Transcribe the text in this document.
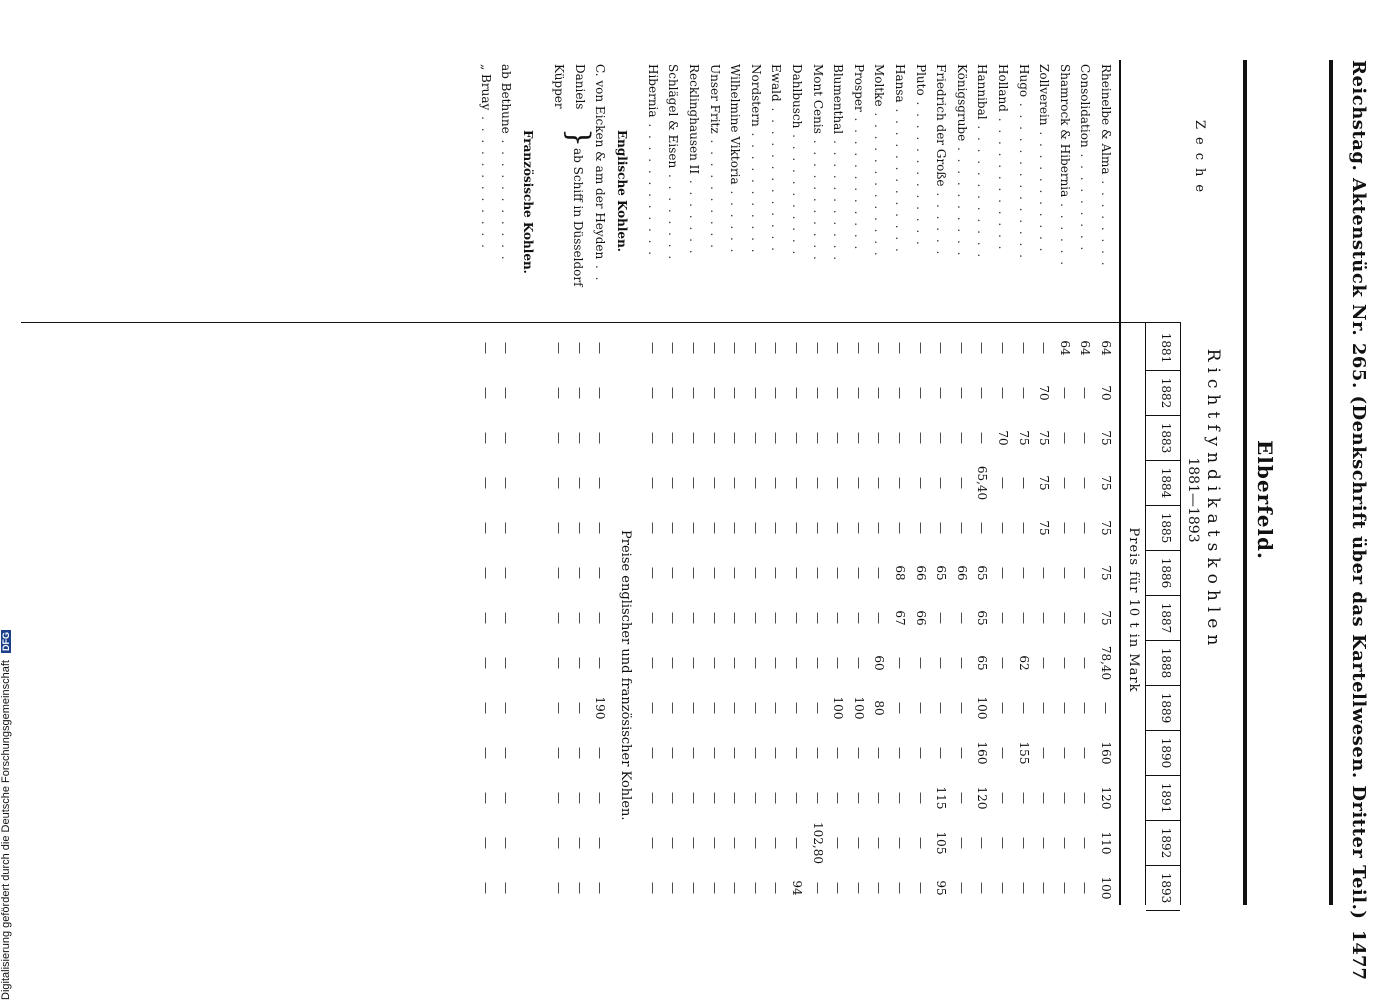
Reichstag. Aktenstück Nr. 265. (Denkschrift über das Kartellwesen. Dritter Teil.)
1477
Elberfeld.
Richtfyndikatskohlen
1881—1893
Zeche
1881
1882
1883
1884
1885
1886
1887
1888
1889
1890
1891
1892
1893
Preis für 10 t in Mark
Rheinelbe & Alma . . . . . . . .
64
70
75
75
75
75
75
78,40
—
160
120
110
100
Consolidation . . . . . . . . .
64
—
—
—
—
—
—
—
—
—
—
—
—
Shamrock & Hibernia . . . . . .
64
—
—
—
—
—
—
—
—
—
—
—
—
Zollverein . . . . . . . . . . .
—
70
75
75
75
—
—
—
—
—
—
—
—
Hugo . . . . . . . . . . . . . .
—
—
75
—
—
—
—
62
—
155
—
—
—
Holland . . . . . . . . . . . .
—
—
70
—
—
—
—
—
—
—
—
—
—
Hannibal . . . . . . . . . . . .
—
—
—
65,40
—
65
65
65
100
160
120
—
—
Königsgrube . . . . . . . . . .
—
—
—
—
—
66
—
—
—
—
—
—
—
Friedrich der Große . . . . . .
—
—
—
—
—
65
—
—
—
—
115
105
95
Pluto . . . . . . . . . . . . .
—
—
—
—
—
66
66
—
—
—
—
—
—
Hansa . . . . . . . . . . . . .
—
—
—
—
—
68
67
—
—
—
—
—
—
Moltke . . . . . . . . . . . . .
—
—
—
—
—
—
—
60
80
—
—
—
—
Prosper . . . . . . . . . . . .
—
—
—
—
—
—
—
—
100
—
—
—
—
Blumenthal . . . . . . . . . . .
—
—
—
—
—
—
—
—
100
—
—
—
—
Mont Cenis . . . . . . . . . . .
—
—
—
—
—
—
—
—
—
—
—
102,80
—
Dahlbusch . . . . . . . . . . .
—
—
—
—
—
—
—
—
—
—
—
—
94
Ewald . . . . . . . . . . . . .
—
—
—
—
—
—
—
—
—
—
—
—
—
Nordstern . . . . . . . . . . .
—
—
—
—
—
—
—
—
—
—
—
—
—
Wilhelmine Viktoria . . . . . .
—
—
—
—
—
—
—
—
—
—
—
—
—
Unser Fritz . . . . . . . . . .
—
—
—
—
—
—
—
—
—
—
—
—
—
Recklinghausen II . . . . . . .
—
—
—
—
—
—
—
—
—
—
—
—
—
Schlägel & Eisen . . . . . . . .
—
—
—
—
—
—
—
—
—
—
—
—
—
Hibernia . . . . . . . . . . . .
—
—
—
—
—
—
—
—
—
—
—
—
—
Englische Kohlen.
Preise englischer und französischer Kohlen.
C. von Eicken & am der Heyden . .
—
—
—
—
—
—
—
—
190
—
—
—
—
Daniels
—
—
—
—
—
—
—
—
—
—
—
—
—
Küpper
—
—
—
—
—
—
—
—
—
—
—
—
—
}
ab Schiff in Düsseldorf
Französische Kohlen.
ab Bethune . . . . . . . . . . .
—
—
—
—
—
—
—
—
—
—
—
—
—
„ Bruay . . . . . . . . . . . .
—
—
—
—
—
—
—
—
—
—
—
—
—
Digitalisierung gefördert durch die Deutsche Forschungsgemeinschaft DFG
